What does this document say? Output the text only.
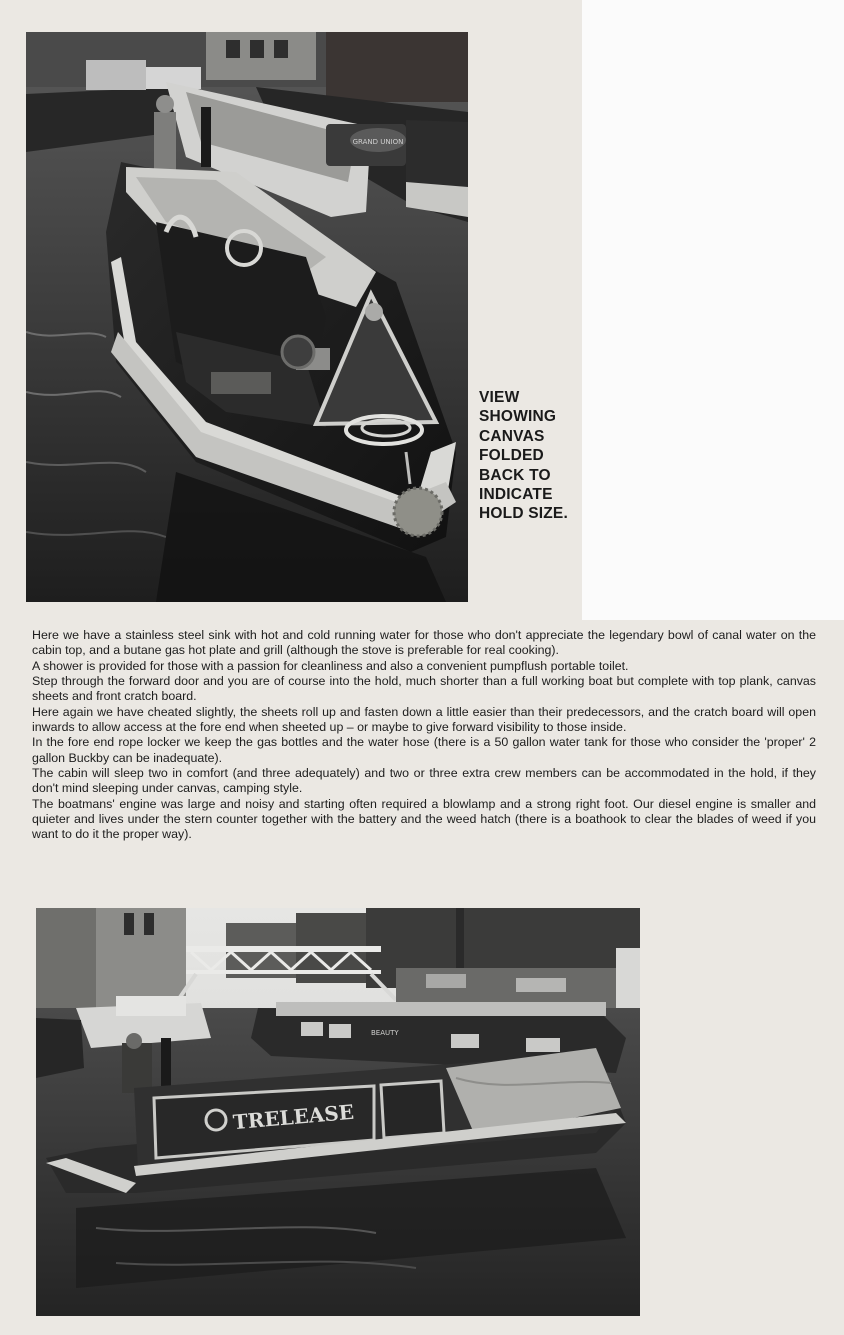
GRAND UNION
VIEW
SHOWING
CANVAS
FOLDED
BACK TO
INDICATE
HOLD SIZE.

Here we have a stainless steel sink with hot and cold running water for those who don't appreciate the legendary bowl of canal water on the cabin top, and a butane gas hot plate and grill (although the stove is preferable for real cooking).

A shower is provided for those with a passion for cleanliness and also a convenient pumpflush portable toilet.

Step through the forward door and you are of course into the hold, much shorter than a full working boat but complete with top plank, canvas sheets and front cratch board.

Here again we have cheated slightly, the sheets roll up and fasten down a little easier than their predecessors, and the cratch board will open inwards to allow access at the fore end when sheeted up – or maybe to give forward visibility to those inside.

In the fore end rope locker we keep the gas bottles and the water hose (there is a 50 gallon water tank for those who consider the 'proper' 2 gallon Buckby can be inadequate).

The cabin will sleep two in comfort (and three adequately) and two or three extra crew members can be accommodated in the hold, if they don't mind sleeping under canvas, camping style.

The boatmans' engine was large and noisy and starting often required a blowlamp and a strong right foot. Our diesel engine is smaller and quieter and lives under the stern counter together with the battery and the weed hatch (there is a boathook to clear the blades of weed if you want to do it the proper way).

BEAUTY
TRELEASE
